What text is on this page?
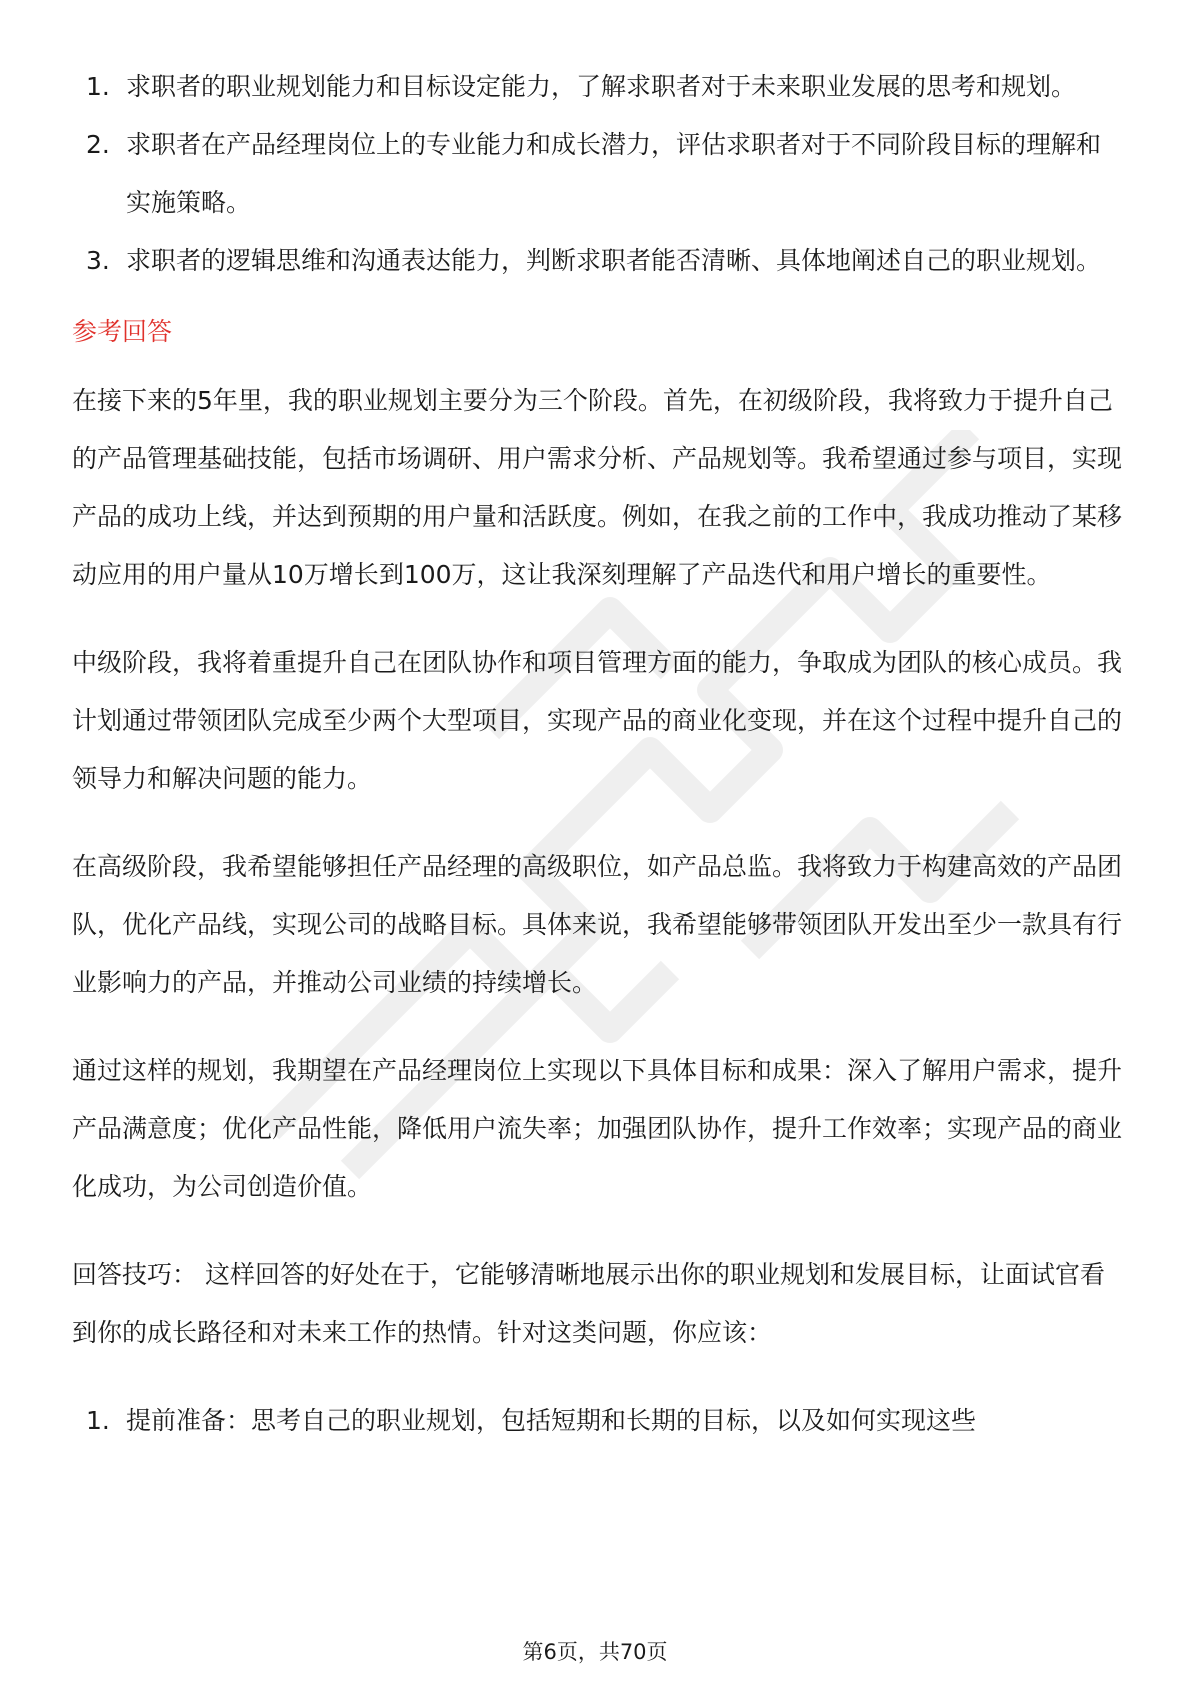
1. 求职者的职业规划能力和目标设定能力，了解求职者对于未来职业发展的思考和规划。
2. 求职者在产品经理岗位上的专业能力和成长潜力，评估求职者对于不同阶段目标的理解和实施策略。
3. 求职者的逻辑思维和沟通表达能力，判断求职者能否清晰、具体地阐述自己的职业规划。
参考回答

在接下来的5年里，我的职业规划主要分为三个阶段。首先，在初级阶段，我将致力于提升自己的产品管理基础技能，包括市场调研、用户需求分析、产品规划等。我希望通过参与项目，实现产品的成功上线，并达到预期的用户量和活跃度。例如，在我之前的工作中，我成功推动了某移动应用的用户量从10万增长到100万，这让我深刻理解了产品迭代和用户增长的重要性。

中级阶段，我将着重提升自己在团队协作和项目管理方面的能力，争取成为团队的核心成员。我计划通过带领团队完成至少两个大型项目，实现产品的商业化变现，并在这个过程中提升自己的领导力和解决问题的能力。

在高级阶段，我希望能够担任产品经理的高级职位，如产品总监。我将致力于构建高效的产品团队，优化产品线，实现公司的战略目标。具体来说，我希望能够带领团队开发出至少一款具有行业影响力的产品，并推动公司业绩的持续增长。

通过这样的规划，我期望在产品经理岗位上实现以下具体目标和成果：深入了解用户需求，提升产品满意度；优化产品性能，降低用户流失率；加强团队协作，提升工作效率；实现产品的商业化成功，为公司创造价值。

回答技巧： 这样回答的好处在于，它能够清晰地展示出你的职业规划和发展目标，让面试官看到你的成长路径和对未来工作的热情。针对这类问题，你应该：

1. 提前准备：思考自己的职业规划，包括短期和长期的目标，以及如何实现这些
第6页，共70页
